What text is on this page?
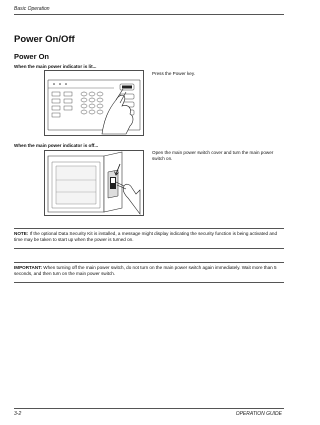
Basic Operation
Power On/Off
Power On
When the main power indicator is lit...
Press the Power key.
When the main power indicator is off...
Open the main power switch cover and turn the main power switch on.
NOTE: If the optional Data Security Kit is installed, a message might display indicating the security function is being activated and time may be taken to start up when the power is turned on.
IMPORTANT: When turning off the main power switch, do not turn on the main power switch again immediately. Wait more than 5 seconds, and then turn on the main power switch.
3-2	OPERATION GUIDE
